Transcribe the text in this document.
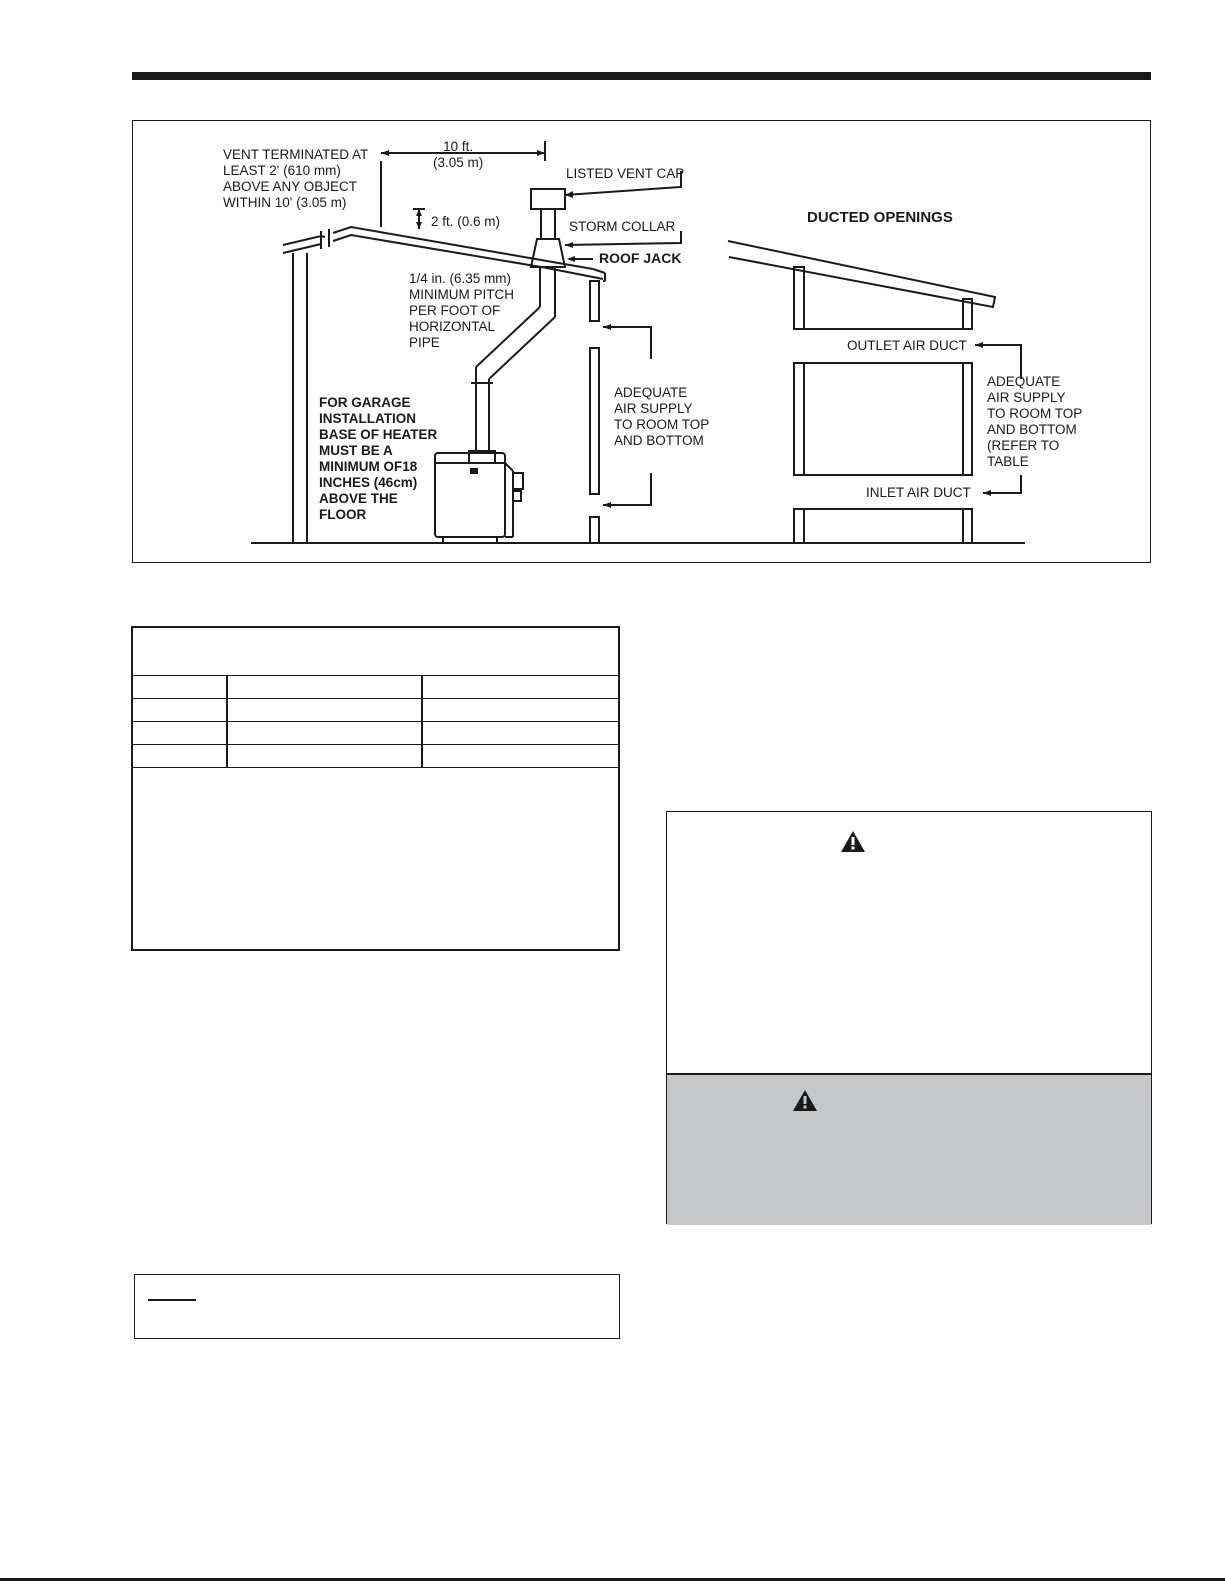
VENT TERMINATED AT
LEAST 2' (610 mm)
ABOVE ANY OBJECT
WITHIN 10' (3.05 m)
10 ft.
(3.05 m)
LISTED VENT CAP
2 ft. (0.6 m)	STORM COLLAR
ROOF JACK
1/4 in. (6.35 mm)
MINIMUM PITCH
PER FOOT OF
HORIZONTAL
PIPE
FOR GARAGE
INSTALLATION
BASE OF HEATER
MUST BE A
MINIMUM OF18
INCHES (46cm)
ABOVE THE
FLOOR
ADEQUATE
AIR SUPPLY
TO ROOM TOP
AND BOTTOM
DUCTED OPENINGS
OUTLET AIR DUCT
ADEQUATE
AIR SUPPLY
TO ROOM TOP
AND BOTTOM
(REFER TO
TABLE
INLET AIR DUCT
